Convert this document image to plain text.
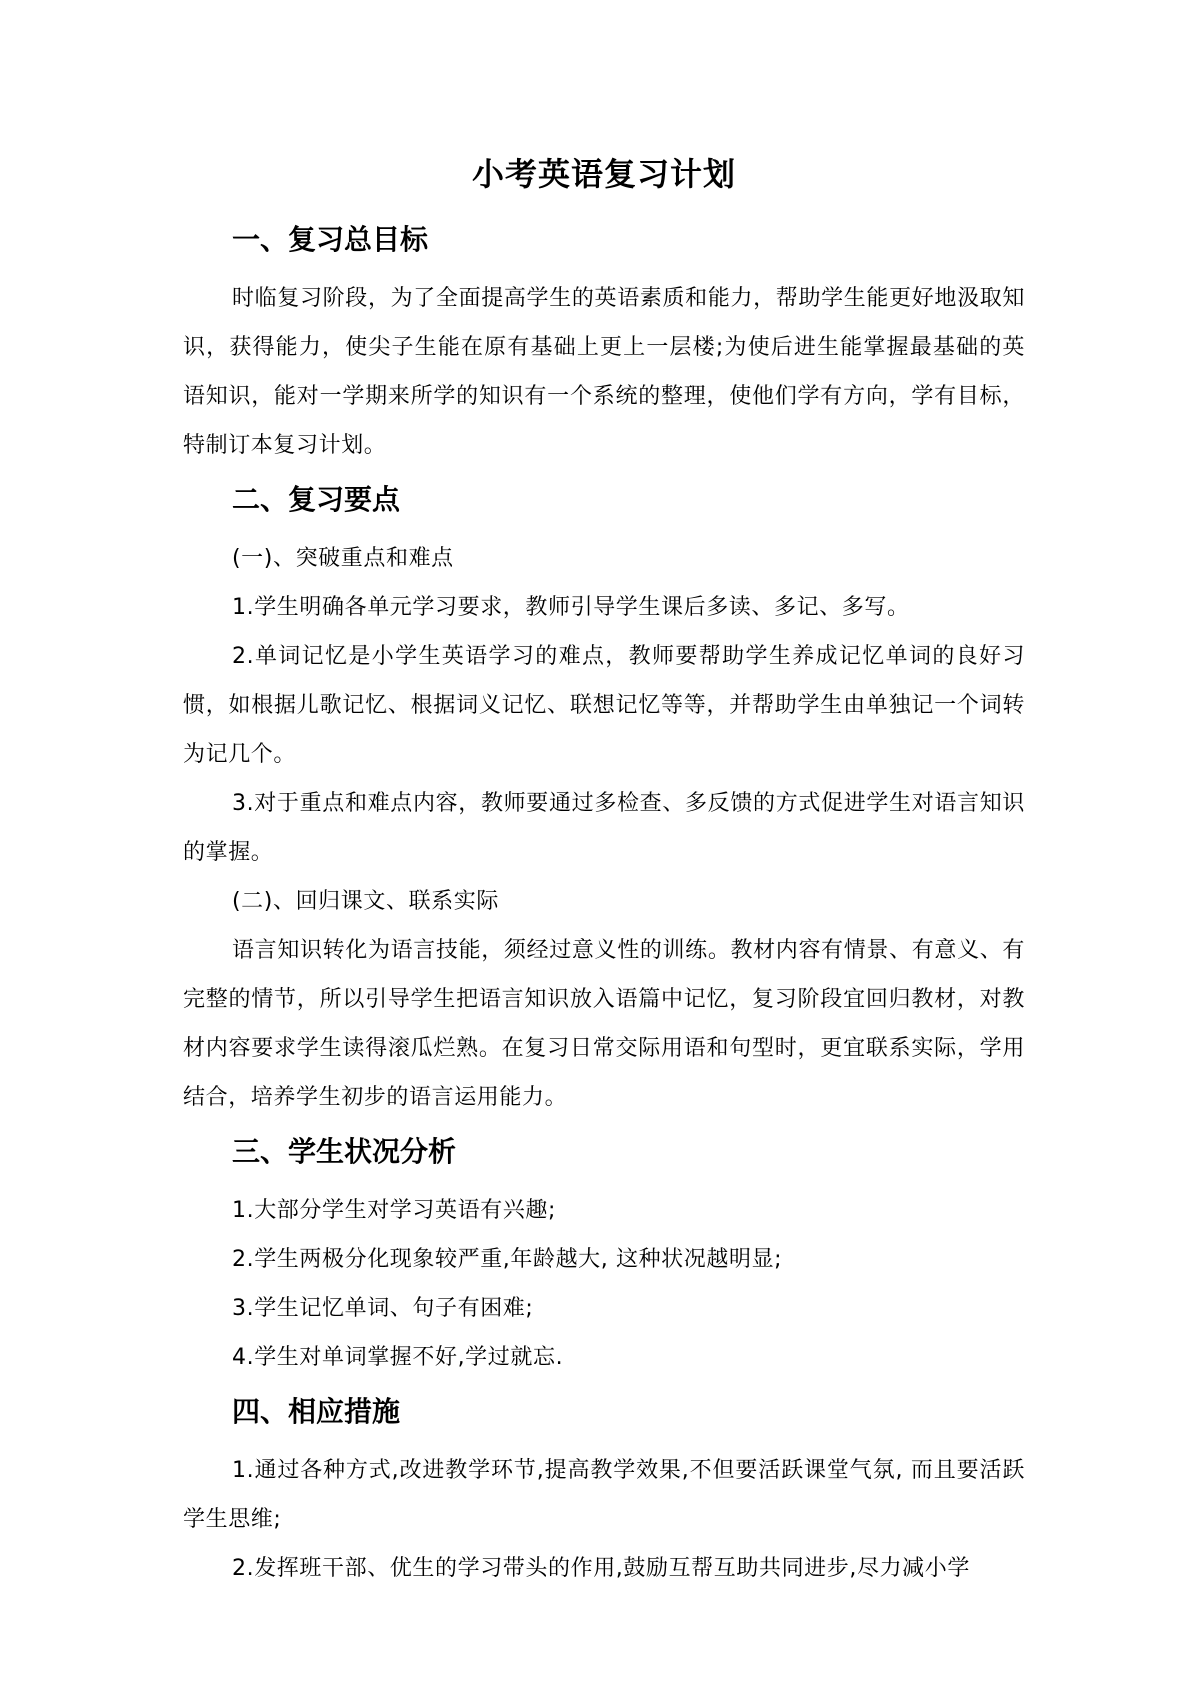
小考英语复习计划
一、复习总目标

时临复习阶段，为了全面提高学生的英语素质和能力，帮助学生能更好地汲取知识，获得能力，使尖子生能在原有基础上更上一层楼;为使后进生能掌握最基础的英语知识，能对一学期来所学的知识有一个系统的整理，使他们学有方向，学有目标，特制订本复习计划。

二、复习要点

(一)、突破重点和难点

1.学生明确各单元学习要求，教师引导学生课后多读、多记、多写。

2.单词记忆是小学生英语学习的难点，教师要帮助学生养成记忆单词的良好习惯，如根据儿歌记忆、根据词义记忆、联想记忆等等，并帮助学生由单独记一个词转为记几个。

3.对于重点和难点内容，教师要通过多检查、多反馈的方式促进学生对语言知识的掌握。

(二)、回归课文、联系实际

语言知识转化为语言技能，须经过意义性的训练。教材内容有情景、有意义、有完整的情节，所以引导学生把语言知识放入语篇中记忆，复习阶段宜回归教材，对教材内容要求学生读得滚瓜烂熟。在复习日常交际用语和句型时，更宜联系实际，学用结合，培养学生初步的语言运用能力。

三、学生状况分析

1.大部分学生对学习英语有兴趣;

2.学生两极分化现象较严重,年龄越大, 这种状况越明显;

3.学生记忆单词、句子有困难;

4.学生对单词掌握不好,学过就忘.

四、相应措施

1.通过各种方式,改进教学环节,提高教学效果,不但要活跃课堂气氛, 而且要活跃学生思维;

2.发挥班干部、优生的学习带头的作用,鼓励互帮互助共同进步,尽力减小学
